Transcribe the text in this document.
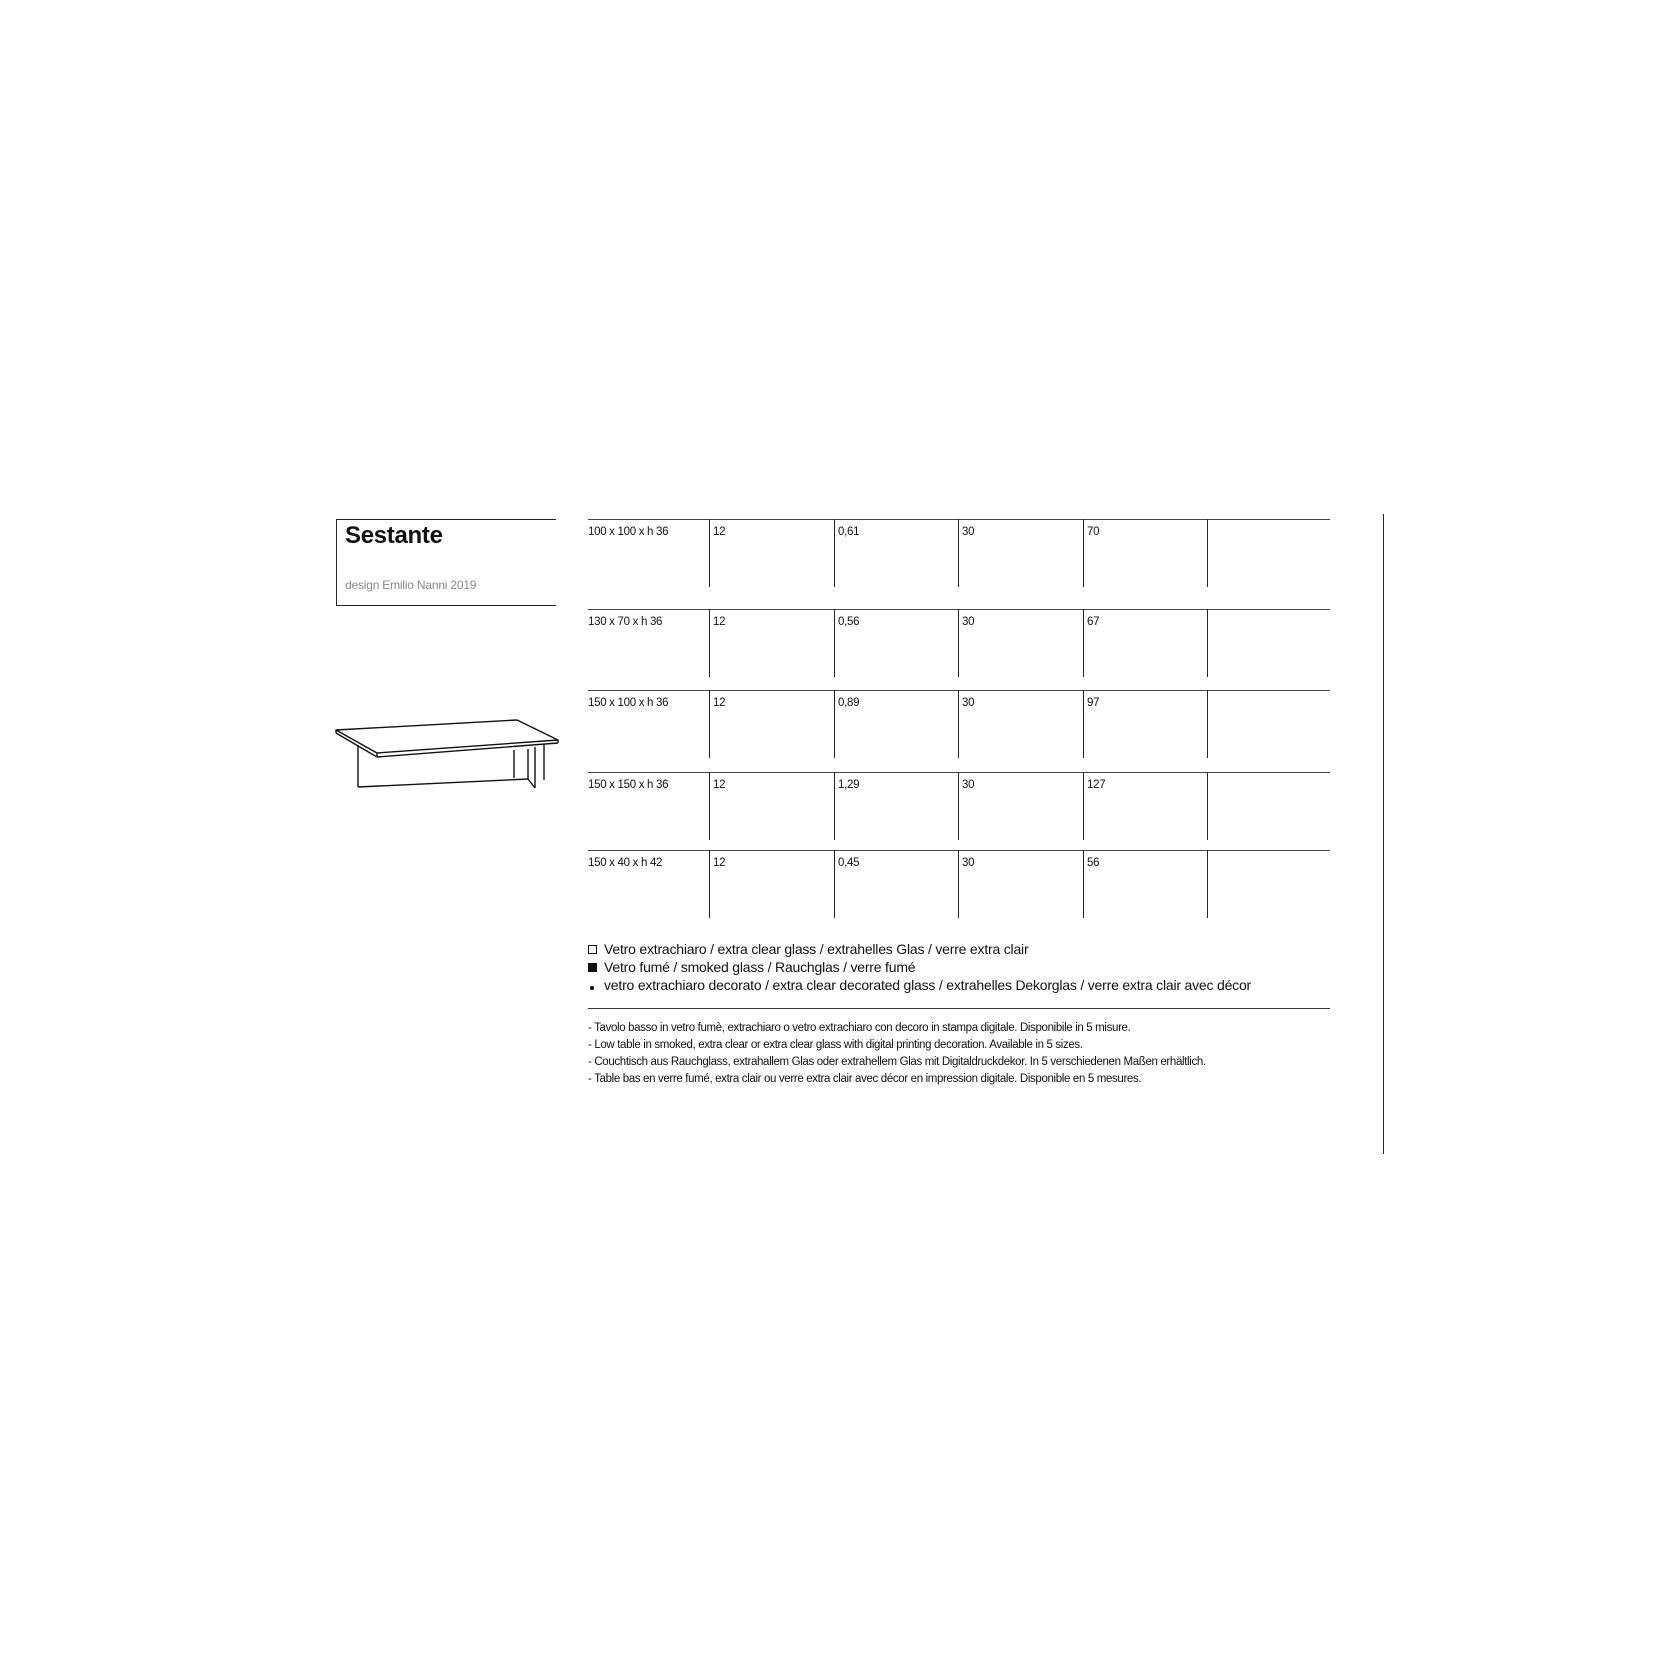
Sestante
design Emilio Nanni 2019
100 x 100 x h 36	12	0,61	30	70
130 x 70 x h 36	12	0,56	30	67
150 x 100 x h 36	12	0,89	30	97
150 x 150 x h 36	12	1,29	30	127
150 x 40 x h 42	12	0,45	30	56
Vetro extrachiaro / extra clear glass / extrahelles Glas / verre extra clair
Vetro fumé / smoked glass / Rauchglas / verre fumé
vetro extrachiaro decorato / extra clear decorated glass / extrahelles Dekorglas / verre extra clair avec décor
- Tavolo basso in vetro fumè, extrachiaro o vetro extrachiaro con decoro in stampa digitale. Disponibile in 5 misure.
- Low table in smoked, extra clear or extra clear glass with digital printing decoration. Available in 5 sizes.
- Couchtisch aus Rauchglass, extrahallem Glas oder extrahellem Glas mit Digitaldruckdekor. In 5 verschiedenen Maßen erhältlich.
- Table bas en verre fumé, extra clair ou verre extra clair avec décor en impression digitale. Disponible en 5 mesures.
